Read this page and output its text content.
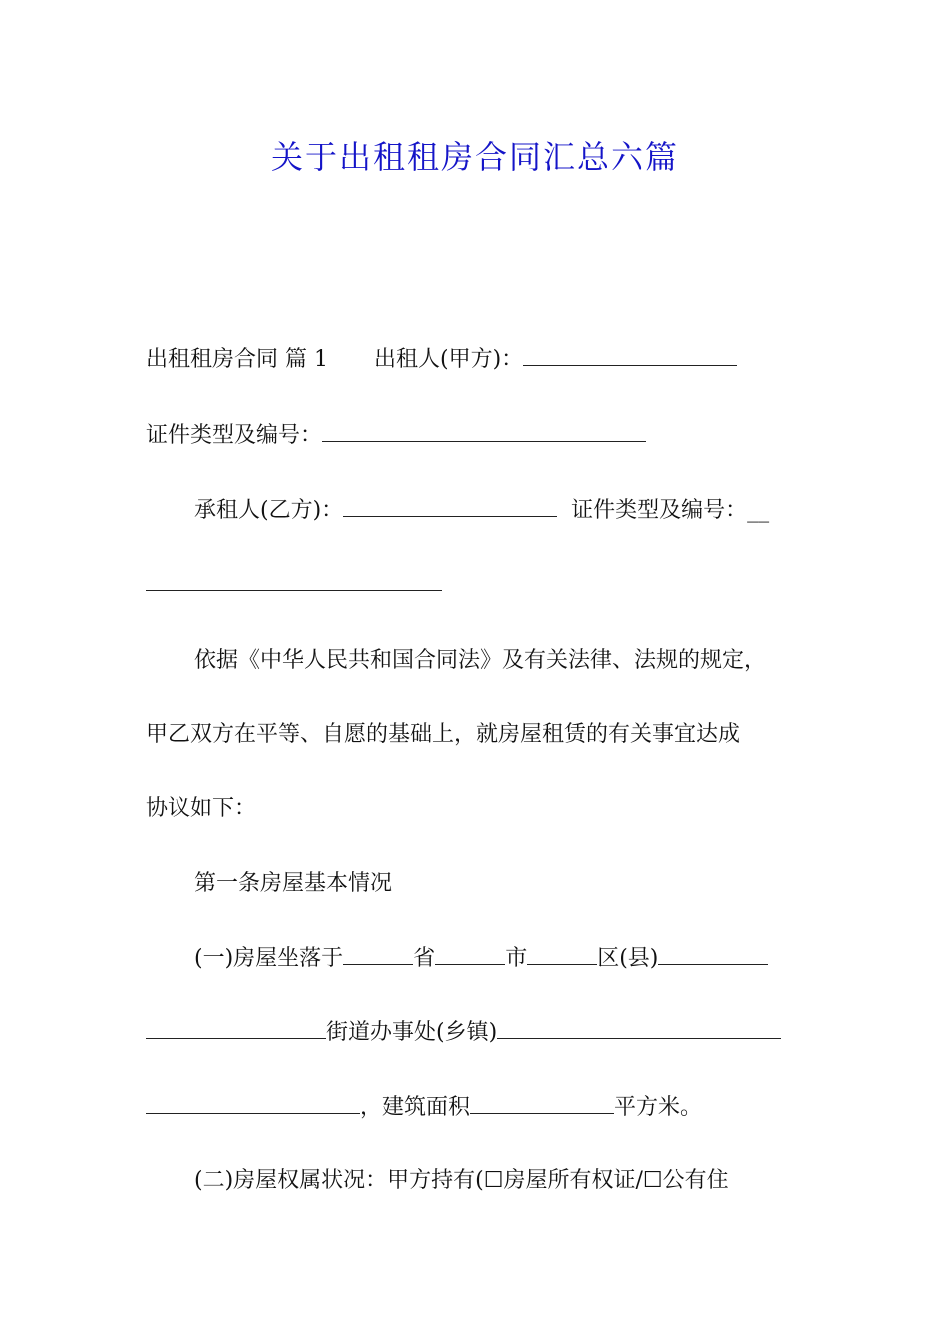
关于出租租房合同汇总六篇
出租租房合同 篇 1 出租人(甲方)：
证件类型及编号：
承租人(乙方)：	证件类型及编号：__
依据《中华人民共和国合同法》及有关法律、法规的规定，
甲乙双方在平等、自愿的基础上，就房屋租赁的有关事宜达成
协议如下：
第一条房屋基本情况
(一)房屋坐落于	省	市	区(县)
街道办事处(乡镇)
，建筑面积	平方米。
(二)房屋权属状况：甲方持有(☐房屋所有权证/☐公有住
